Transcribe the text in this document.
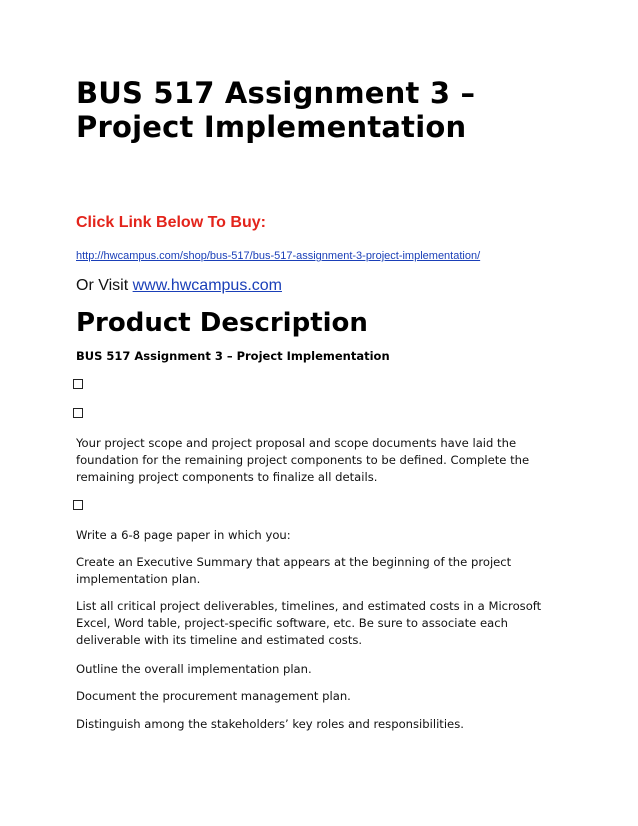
BUS 517 Assignment 3 – Project Implementation
Click Link Below To Buy:
http://hwcampus.com/shop/bus-517/bus-517-assignment-3-project-implementation/
Or Visit www.hwcampus.com
Product Description
BUS 517 Assignment 3 – Project Implementation

Your project scope and project proposal and scope documents have laid the foundation for the remaining project components to be defined. Complete the remaining project components to finalize all details.

Write a 6-8 page paper in which you:

Create an Executive Summary that appears at the beginning of the project implementation plan.

List all critical project deliverables, timelines, and estimated costs in a Microsoft Excel, Word table, project-specific software, etc. Be sure to associate each deliverable with its timeline and estimated costs.

Outline the overall implementation plan.

Document the procurement management plan.

Distinguish among the stakeholders’ key roles and responsibilities.
